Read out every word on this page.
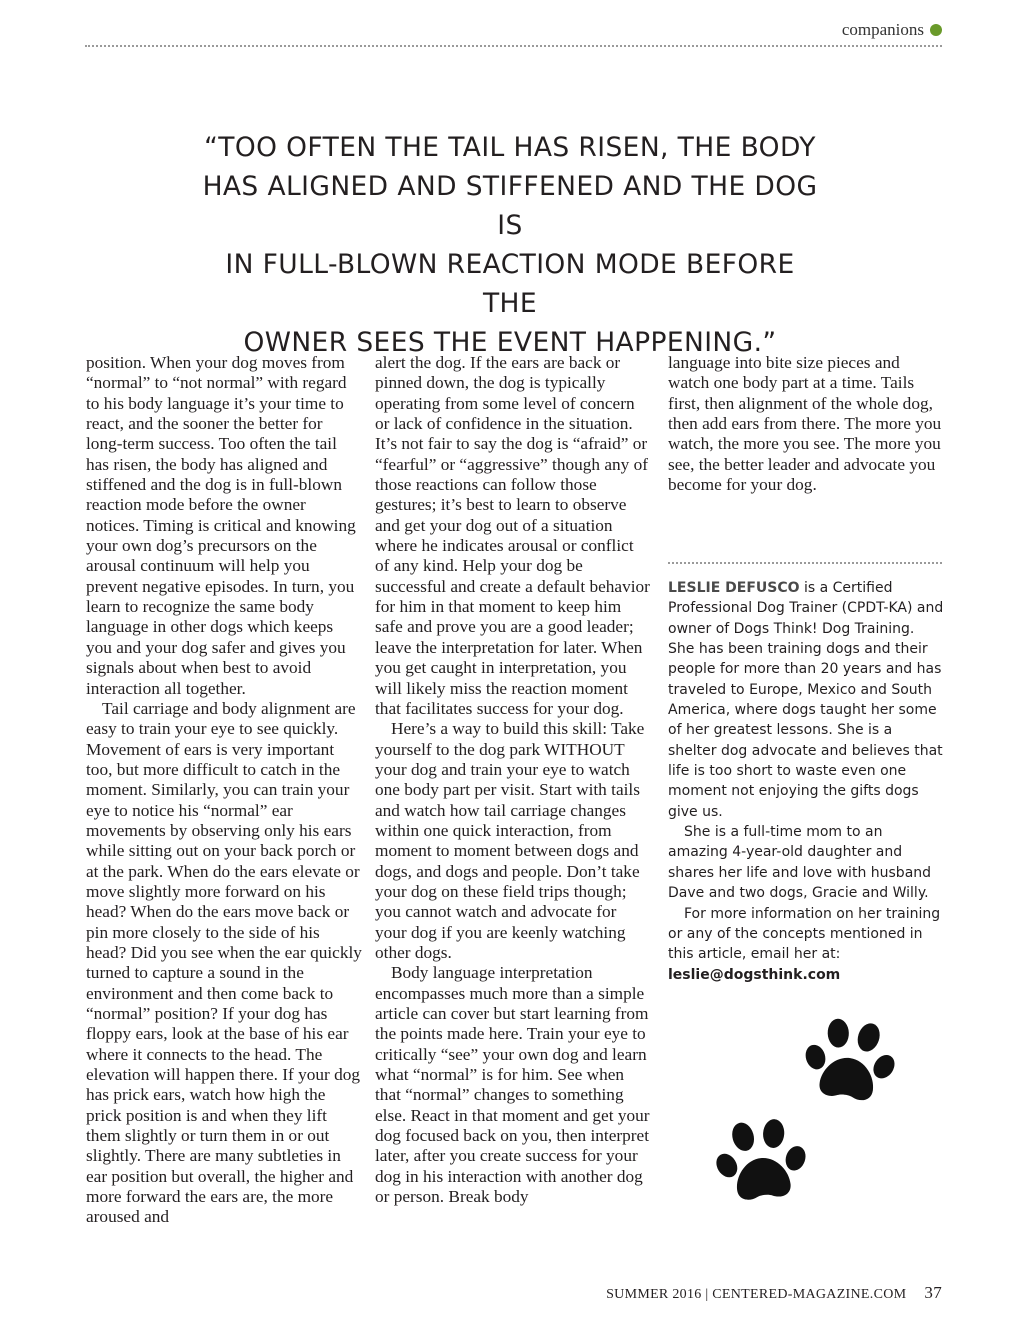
companions
“TOO OFTEN THE TAIL HAS RISEN, THE BODY
HAS ALIGNED AND STIFFENED AND THE DOG IS
IN FULL-BLOWN REACTION MODE BEFORE THE
OWNER SEES THE EVENT HAPPENING.”

position. When your dog moves from “normal” to “not normal” with regard to his body language it’s your time to react, and the sooner the better for long-term success. Too often the tail has risen, the body has aligned and stiffened and the dog is in full-blown reaction mode before the owner notices. Timing is critical and knowing your own dog’s precursors on the arousal continuum will help you prevent negative episodes. In turn, you learn to recognize the same body language in other dogs which keeps you and your dog safer and gives you signals about when best to avoid interaction all together.

Tail carriage and body alignment are easy to train your eye to see quickly. Movement of ears is very important too, but more difficult to catch in the moment. Similarly, you can train your eye to notice his “normal” ear movements by observing only his ears while sitting out on your back porch or at the park. When do the ears elevate or move slightly more forward on his head? When do the ears move back or pin more closely to the side of his head? Did you see when the ear quickly turned to capture a sound in the environment and then come back to “normal” position? If your dog has floppy ears, look at the base of his ear where it connects to the head. The elevation will happen there. If your dog has prick ears, watch how high the prick position is and when they lift them slightly or turn them in or out slightly. There are many subtleties in ear position but overall, the higher and more forward the ears are, the more aroused and

alert the dog. If the ears are back or pinned down, the dog is typically operating from some level of concern or lack of confidence in the situation. It’s not fair to say the dog is “afraid” or “fearful” or “aggressive” though any of those reactions can follow those gestures; it’s best to learn to observe and get your dog out of a situation where he indicates arousal or conflict of any kind. Help your dog be successful and create a default behavior for him in that moment to keep him safe and prove you are a good leader; leave the interpretation for later. When you get caught in interpretation, you will likely miss the reaction moment that facilitates success for your dog.

Here’s a way to build this skill: Take yourself to the dog park WITHOUT your dog and train your eye to watch one body part per visit. Start with tails and watch how tail carriage changes within one quick interaction, from moment to moment between dogs and dogs, and dogs and people. Don’t take your dog on these field trips though; you cannot watch and advocate for your dog if you are keenly watching other dogs.

Body language interpretation encompasses much more than a simple article can cover but start learning from the points made here. Train your eye to critically “see” your own dog and learn what “normal” is for him. See when that “normal” changes to something else. React in that moment and get your dog focused back on you, then interpret later, after you create success for your dog in his interaction with another dog or person. Break body

language into bite size pieces and watch one body part at a time. Tails first, then alignment of the whole dog, then add ears from there. The more you watch, the more you see. The more you see, the better leader and advocate you become for your dog.

LESLIE DEFUSCO is a Certified Professional Dog Trainer (CPDT-KA) and owner of Dogs Think! Dog Training. She has been training dogs and their people for more than 20 years and has traveled to Europe, Mexico and South America, where dogs taught her some of her greatest lessons. She is a shelter dog advocate and believes that life is too short to waste even one moment not enjoying the gifts dogs give us.

She is a full-time mom to an amazing 4-year-old daughter and shares her life and love with husband Dave and two dogs, Gracie and Willy.

For more information on her training or any of the concepts mentioned in this article, email her at:

leslie@dogsthink.com

SUMMER 2016 | CENTERED-MAGAZINE.COM 37
